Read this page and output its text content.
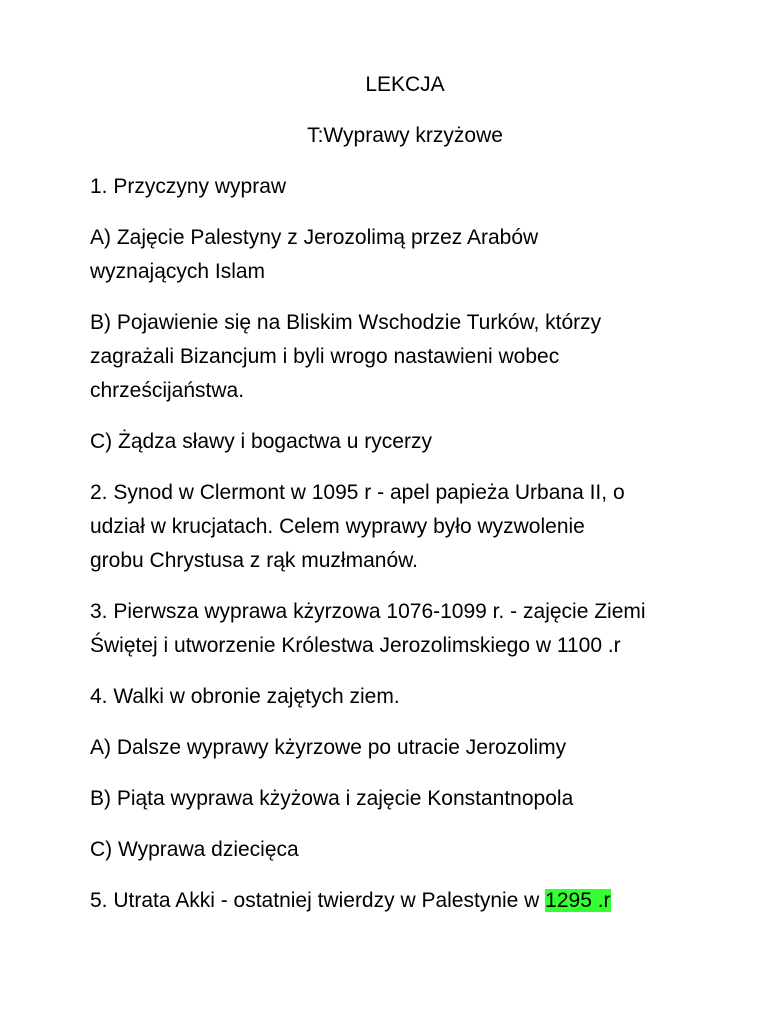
LEKCJA
T:Wyprawy krzyżowe
1. Przyczyny wypraw
A) Zajęcie Palestyny z Jerozolimą przez Arabów
wyznających Islam
B) Pojawienie się na Bliskim Wschodzie Turków, którzy
zagrażali Bizancjum i byli wrogo nastawieni wobec
chrześcijaństwa.
C) Żądza sławy i bogactwa u rycerzy
2. Synod w Clermont w 1095 r - apel papieża Urbana II, o
udział w krucjatach. Celem wyprawy było wyzwolenie
grobu Chrystusa z rąk muzłmanów.
3. Pierwsza wyprawa kżyrzowa 1076-1099 r. - zajęcie Ziemi
Świętej i utworzenie Królestwa Jerozolimskiego w 1100 .r
4. Walki w obronie zajętych ziem.
A) Dalsze wyprawy kżyrzowe po utracie Jerozolimy
B) Piąta wyprawa kżyżowa i zajęcie Konstantnopola
C) Wyprawa dziecięca
5. Utrata Akki - ostatniej twierdzy w Palestynie w 1295 .r
